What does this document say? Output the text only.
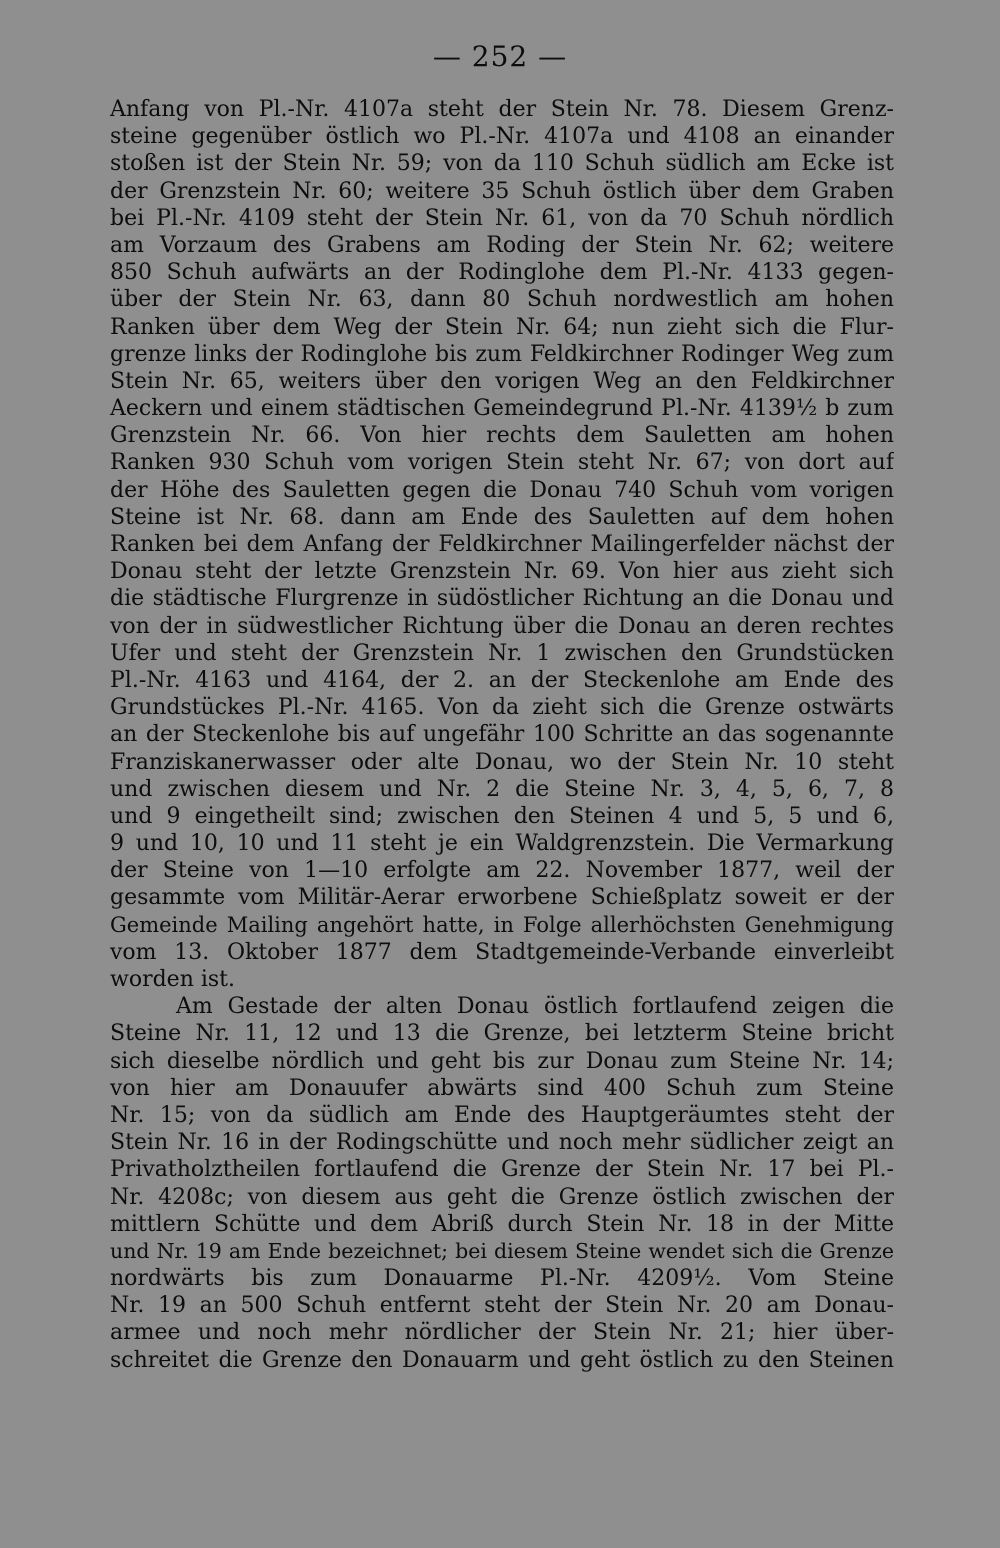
— 252 —
Anfang von Pl.-Nr. 4107a steht der Stein Nr. 78. Diesem Grenz-
steine gegenüber östlich wo Pl.-Nr. 4107a und 4108 an einander
stoßen ist der Stein Nr. 59; von da 110 Schuh südlich am Ecke ist
der Grenzstein Nr. 60; weitere 35 Schuh östlich über dem Graben
bei Pl.-Nr. 4109 steht der Stein Nr. 61, von da 70 Schuh nördlich
am Vorzaum des Grabens am Roding der Stein Nr. 62; weitere
850 Schuh aufwärts an der Rodinglohe dem Pl.-Nr. 4133 gegen-
über der Stein Nr. 63, dann 80 Schuh nordwestlich am hohen
Ranken über dem Weg der Stein Nr. 64; nun zieht sich die Flur-
grenze links der Rodinglohe bis zum Feldkirchner Rodinger Weg zum
Stein Nr. 65, weiters über den vorigen Weg an den Feldkirchner
Aeckern und einem städtischen Gemeindegrund Pl.-Nr. 4139½ b zum
Grenzstein Nr. 66. Von hier rechts dem Sauletten am hohen
Ranken 930 Schuh vom vorigen Stein steht Nr. 67; von dort auf
der Höhe des Sauletten gegen die Donau 740 Schuh vom vorigen
Steine ist Nr. 68. dann am Ende des Sauletten auf dem hohen
Ranken bei dem Anfang der Feldkirchner Mailingerfelder nächst der
Donau steht der letzte Grenzstein Nr. 69. Von hier aus zieht sich
die städtische Flurgrenze in südöstlicher Richtung an die Donau und
von der in südwestlicher Richtung über die Donau an deren rechtes
Ufer und steht der Grenzstein Nr. 1 zwischen den Grundstücken
Pl.-Nr. 4163 und 4164, der 2. an der Steckenlohe am Ende des
Grundstückes Pl.-Nr. 4165. Von da zieht sich die Grenze ostwärts
an der Steckenlohe bis auf ungefähr 100 Schritte an das sogenannte
Franziskanerwasser oder alte Donau, wo der Stein Nr. 10 steht
und zwischen diesem und Nr. 2 die Steine Nr. 3, 4, 5, 6, 7, 8
und 9 eingetheilt sind; zwischen den Steinen 4 und 5, 5 und 6,
9 und 10, 10 und 11 steht je ein Waldgrenzstein. Die Vermarkung
der Steine von 1—10 erfolgte am 22. November 1877, weil der
gesammte vom Militär-Aerar erworbene Schießplatz soweit er der
Gemeinde Mailing angehört hatte, in Folge allerhöchsten Genehmigung
vom 13. Oktober 1877 dem Stadtgemeinde-Verbande einverleibt
worden ist.
Am Gestade der alten Donau östlich fortlaufend zeigen die
Steine Nr. 11, 12 und 13 die Grenze, bei letzterm Steine bricht
sich dieselbe nördlich und geht bis zur Donau zum Steine Nr. 14;
von hier am Donauufer abwärts sind 400 Schuh zum Steine
Nr. 15; von da südlich am Ende des Hauptgeräumtes steht der
Stein Nr. 16 in der Rodingschütte und noch mehr südlicher zeigt an
Privatholztheilen fortlaufend die Grenze der Stein Nr. 17 bei Pl.-
Nr. 4208c; von diesem aus geht die Grenze östlich zwischen der
mittlern Schütte und dem Abriß durch Stein Nr. 18 in der Mitte
und Nr. 19 am Ende bezeichnet; bei diesem Steine wendet sich die Grenze
nordwärts bis zum Donauarme Pl.-Nr. 4209½. Vom Steine
Nr. 19 an 500 Schuh entfernt steht der Stein Nr. 20 am Donau-
armee und noch mehr nördlicher der Stein Nr. 21; hier über-
schreitet die Grenze den Donauarm und geht östlich zu den Steinen
